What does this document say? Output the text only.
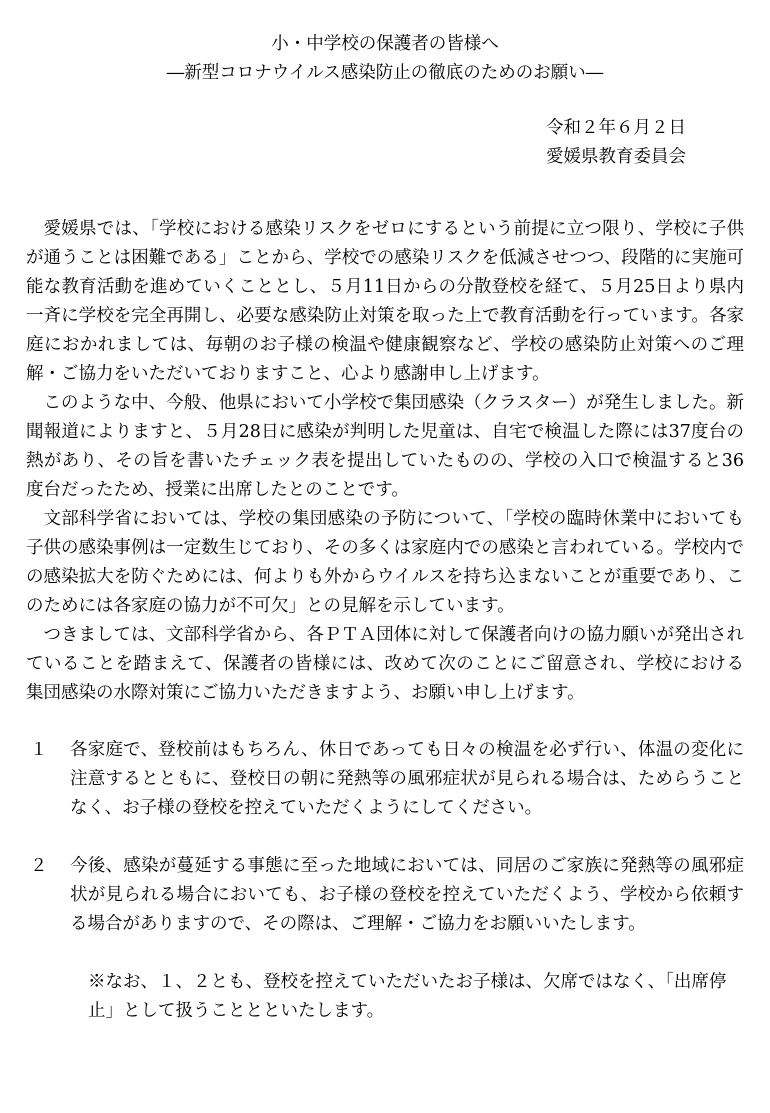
小・中学校の保護者の皆様へ
―新型コロナウイルス感染防止の徹底のためのお願い―

令和２年６月２日

愛媛県教育委員会

愛媛県では、「学校における感染リスクをゼロにするという前提に立つ限り、学校に子供が通うことは困難である」ことから、学校での感染リスクを低減させつつ、段階的に実施可能な教育活動を進めていくこととし、５月11日からの分散登校を経て、５月25日より県内一斉に学校を完全再開し、必要な感染防止対策を取った上で教育活動を行っています。各家庭におかれましては、毎朝のお子様の検温や健康観察など、学校の感染防止対策へのご理解・ご協力をいただいておりますこと、心より感謝申し上げます。

このような中、今般、他県において小学校で集団感染（クラスター）が発生しました。新聞報道によりますと、５月28日に感染が判明した児童は、自宅で検温した際には37度台の熱があり、その旨を書いたチェック表を提出していたものの、学校の入口で検温すると36度台だったため、授業に出席したとのことです。

文部科学省においては、学校の集団感染の予防について、「学校の臨時休業中においても子供の感染事例は一定数生じており、その多くは家庭内での感染と言われている。学校内での感染拡大を防ぐためには、何よりも外からウイルスを持ち込まないことが重要であり、このためには各家庭の協力が不可欠」との見解を示しています。

つきましては、文部科学省から、各ＰＴＡ団体に対して保護者向けの協力願いが発出されていることを踏まえて、保護者の皆様には、改めて次のことにご留意され、学校における集団感染の水際対策にご協力いただきますよう、お願い申し上げます。

１	各家庭で、登校前はもちろん、休日であっても日々の検温を必ず行い、体温の変化に注意するとともに、登校日の朝に発熱等の風邪症状が見られる場合は、ためらうことなく、お子様の登校を控えていただくようにしてください。
２	今後、感染が蔓延する事態に至った地域においては、同居のご家族に発熱等の風邪症状が見られる場合においても、お子様の登校を控えていただくよう、学校から依頼する場合がありますので、その際は、ご理解・ご協力をお願いいたします。

※なお、１、２とも、登校を控えていただいたお子様は、欠席ではなく、「出席停止」として扱うこととといたします。
